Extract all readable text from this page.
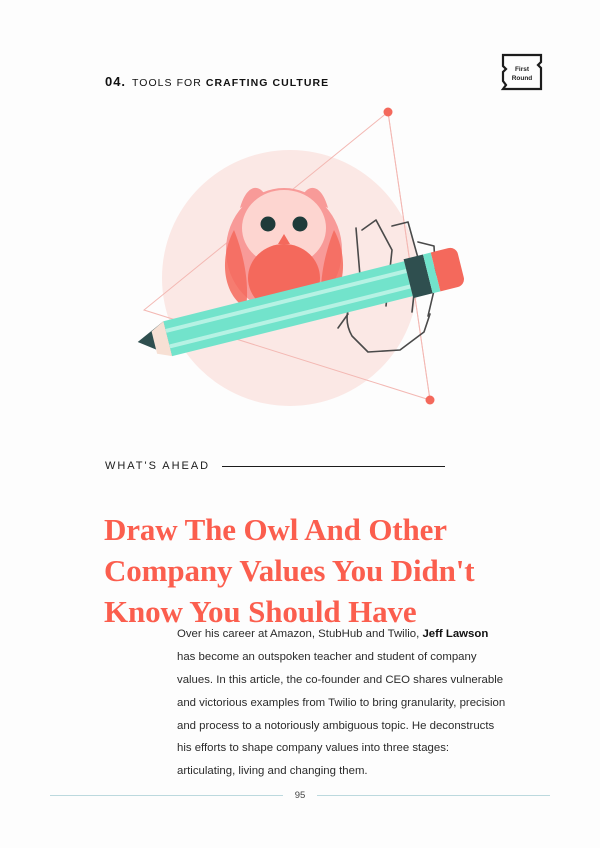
04. TOOLS FOR CRAFTING CULTURE
First
Round
WHAT'S AHEAD
Draw The Owl And Other
Company Values You Didn't
Know You Should Have

Over his career at Amazon, StubHub and Twilio, Jeff Lawson has become an outspoken teacher and student of company values. In this article, the co-founder and CEO shares vulnerable and victorious examples from Twilio to bring granularity, precision and process to a notoriously ambiguous topic. He deconstructs his efforts to shape company values into three stages: articulating, living and changing them.

95
